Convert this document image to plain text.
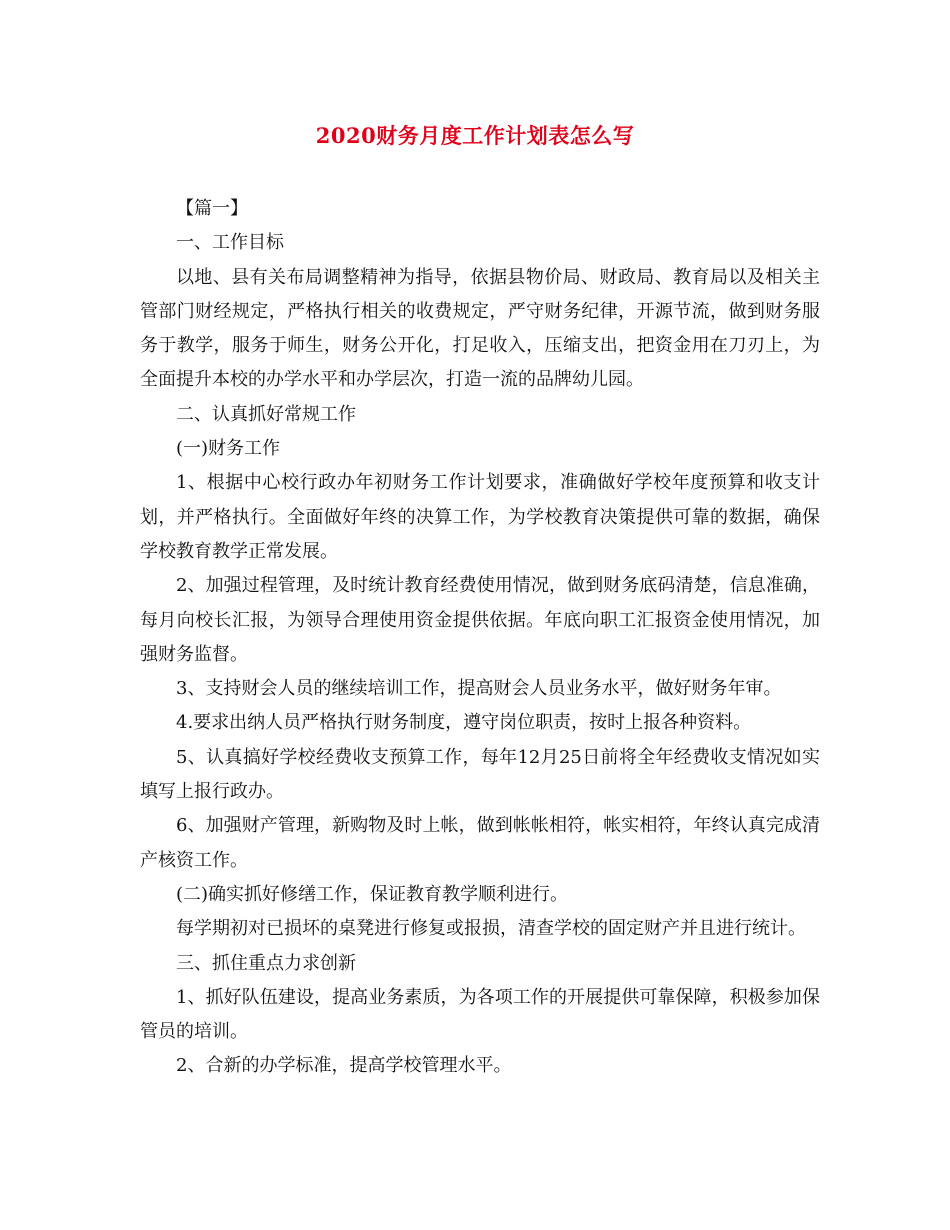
2020财务月度工作计划表怎么写

【篇一】

一、工作目标

以地、县有关布局调整精神为指导，依据县物价局、财政局、教育局以及相关主管部门财经规定，严格执行相关的收费规定，严守财务纪律，开源节流，做到财务服务于教学，服务于师生，财务公开化，打足收入，压缩支出，把资金用在刀刃上，为全面提升本校的办学水平和办学层次，打造一流的品牌幼儿园。

二、认真抓好常规工作

(一)财务工作

1、根据中心校行政办年初财务工作计划要求，准确做好学校年度预算和收支计划，并严格执行。全面做好年终的决算工作，为学校教育决策提供可靠的数据，确保学校教育教学正常发展。

2、加强过程管理，及时统计教育经费使用情况，做到财务底码清楚，信息准确，每月向校长汇报，为领导合理使用资金提供依据。年底向职工汇报资金使用情况，加强财务监督。

3、支持财会人员的继续培训工作，提高财会人员业务水平，做好财务年审。

4.要求出纳人员严格执行财务制度，遵守岗位职责，按时上报各种资料。

5、认真搞好学校经费收支预算工作，每年12月25日前将全年经费收支情况如实填写上报行政办。

6、加强财产管理，新购物及时上帐，做到帐帐相符，帐实相符，年终认真完成清产核资工作。

(二)确实抓好修缮工作，保证教育教学顺利进行。

每学期初对已损坏的桌凳进行修复或报损，清查学校的固定财产并且进行统计。

三、抓住重点力求创新

1、抓好队伍建设，提高业务素质，为各项工作的开展提供可靠保障，积极参加保管员的培训。

2、合新的办学标准，提高学校管理水平。
